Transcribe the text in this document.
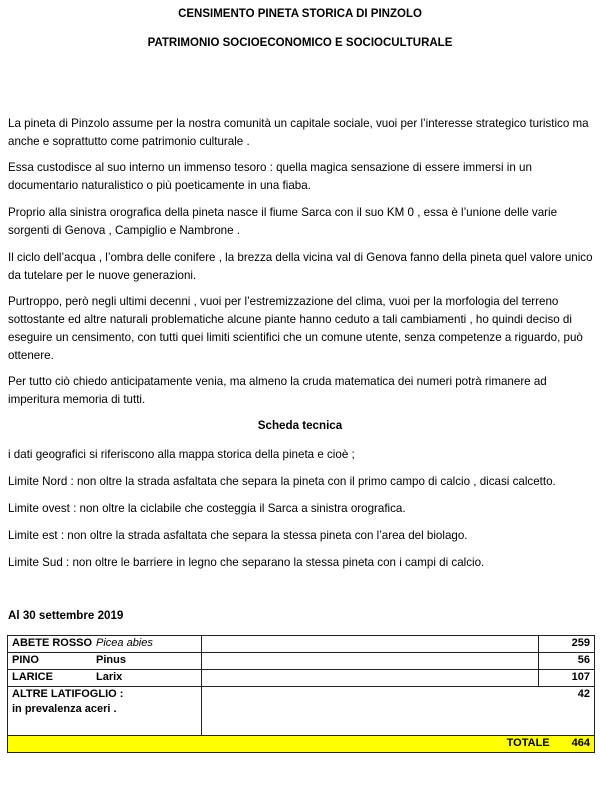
CENSIMENTO PINETA STORICA DI PINZOLO
PATRIMONIO SOCIOECONOMICO E SOCIOCULTURALE
La pineta di Pinzolo assume per la nostra comunità un capitale sociale, vuoi per l’interesse strategico turistico ma anche e soprattutto come patrimonio culturale .
Essa custodisce al suo interno un immenso tesoro : quella magica sensazione di essere immersi in un documentario naturalistico o più poeticamente in una fiaba.
Proprio alla sinistra orografica della pineta nasce il fiume Sarca con il suo KM 0 , essa è l’unione delle varie sorgenti di Genova , Campiglio e Nambrone .
Il ciclo dell’acqua , l’ombra delle conifere , la brezza della vicina val di Genova fanno della pineta quel valore unico da tutelare per le nuove generazioni.
Purtroppo, però negli ultimi decenni , vuoi per l’estremizzazione del clima, vuoi per la morfologia del terreno sottostante ed altre naturali problematiche alcune piante hanno ceduto a tali cambiamenti , ho quindi deciso di eseguire un censimento, con tutti quei limiti scientifici che un comune utente, senza competenze a riguardo, può ottenere.
Per tutto ciò chiedo anticipatamente venia, ma almeno la cruda matematica dei numeri potrà rimanere ad imperitura memoria di tutti.
Scheda tecnica
i dati geografici si riferiscono alla mappa storica della pineta e cioè ;
Limite Nord : non oltre la strada asfaltata che separa la pineta con il primo campo di calcio , dicasi calcetto.
Limite ovest : non oltre la ciclabile che costeggia il Sarca a sinistra orografica.
Limite est : non oltre la strada asfaltata che separa la stessa pineta con l’area del biolago.
Limite Sud : non oltre le barriere in legno che separano la stessa pineta con i campi di calcio.
Al 30 settembre 2019
ABETE ROSSO Picea abies		259
PINO Pinus		56
LARICE Larix		107

ALTRE LATIFOGLIO :
in prevalenza aceri .	42	
TOTALE 464		
